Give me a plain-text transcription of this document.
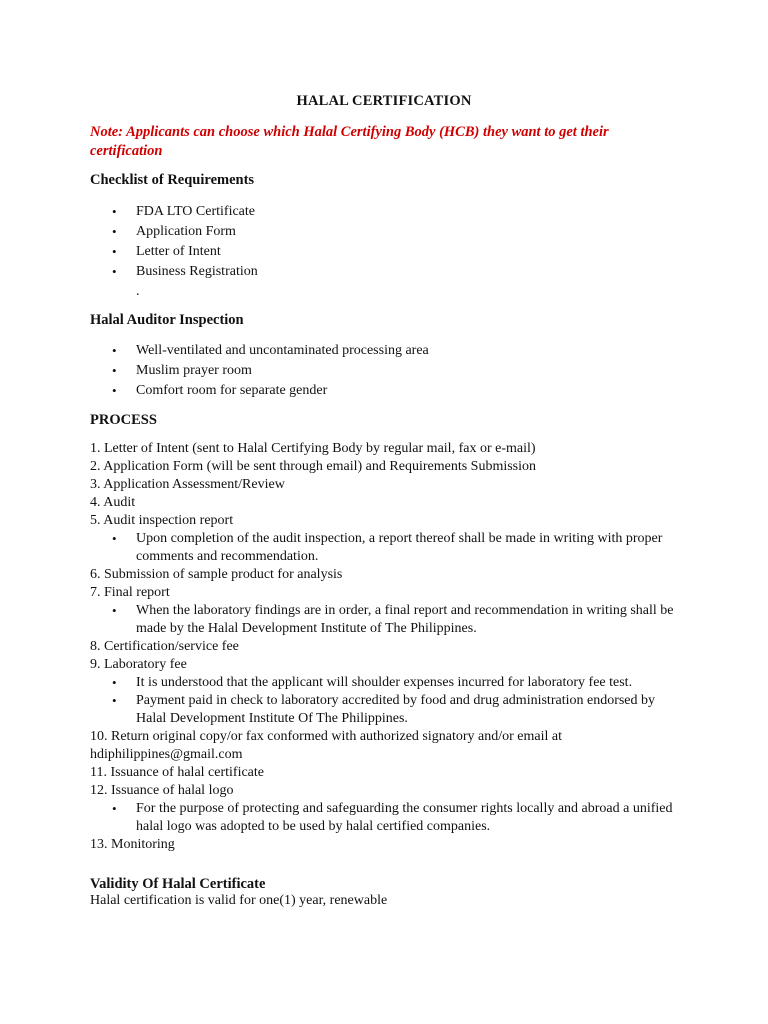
HALAL CERTIFICATION
Note: Applicants can choose which Halal Certifying Body (HCB) they want to get their certification
Checklist of Requirements
• FDA LTO Certificate
• Application Form
• Letter of Intent
• Business Registration
.
Halal Auditor Inspection
• Well-ventilated and uncontaminated processing area
• Muslim prayer room
• Comfort room for separate gender
PROCESS
1. Letter of Intent (sent to Halal Certifying Body by regular mail, fax or e-mail)
2. Application Form (will be sent through email) and Requirements Submission
3. Application Assessment/Review
4. Audit
5. Audit inspection report
• Upon completion of the audit inspection, a report thereof shall be made in writing with proper comments and recommendation.
6. Submission of sample product for analysis
7. Final report
• When the laboratory findings are in order, a final report and recommendation in writing shall be made by the Halal Development Institute of The Philippines.
8. Certification/service fee
9. Laboratory fee
• It is understood that the applicant will shoulder expenses incurred for laboratory fee test.
• Payment paid in check to laboratory accredited by food and drug administration endorsed by Halal Development Institute Of The Philippines.
10. Return original copy/or fax conformed with authorized signatory and/or email at
hdiphilippines@gmail.com
11. Issuance of halal certificate
12. Issuance of halal logo
• For the purpose of protecting and safeguarding the consumer rights locally and abroad a unified halal logo was adopted to be used by halal certified companies.
13. Monitoring
Validity Of Halal Certificate
Halal certification is valid for one(1) year, renewable
